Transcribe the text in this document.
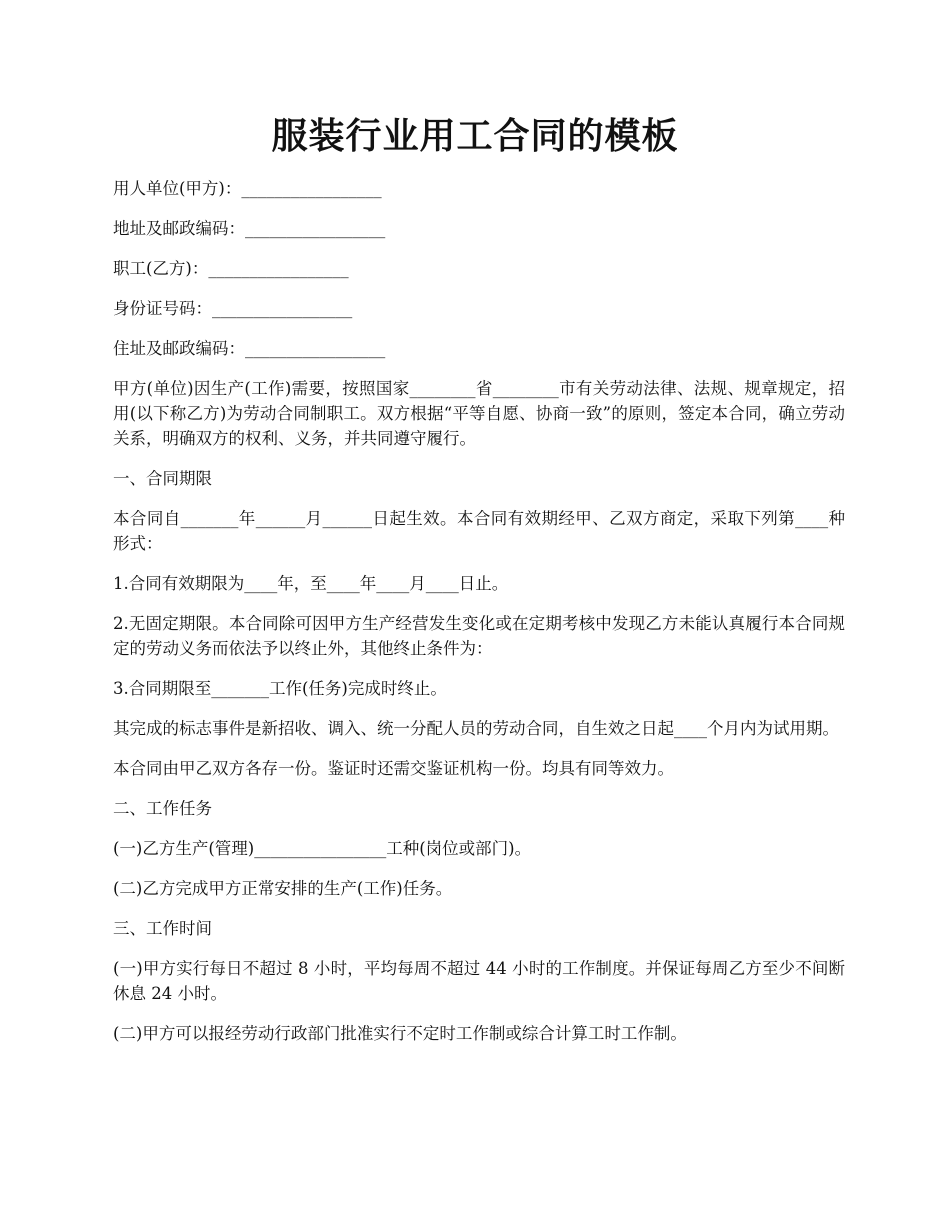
服装行业用工合同的模板

用人单位(甲方)：_________________

地址及邮政编码：_________________

职工(乙方)：_________________

身份证号码：_________________

住址及邮政编码：_________________

甲方(单位)因生产(工作)需要，按照国家________省________市有关劳动法律、法规、规章规定，招用(以下称乙方)为劳动合同制职工。双方根据“平等自愿、协商一致”的原则，签定本合同，确立劳动关系，明确双方的权利、义务，并共同遵守履行。

一、合同期限

本合同自_______年______月______日起生效。本合同有效期经甲、乙双方商定，采取下列第____种形式：

1.合同有效期限为____年，至____年____月____日止。

2.无固定期限。本合同除可因甲方生产经营发生变化或在定期考核中发现乙方未能认真履行本合同规定的劳动义务而依法予以终止外，其他终止条件为：

3.合同期限至_______工作(任务)完成时终止。

其完成的标志事件是新招收、调入、统一分配人员的劳动合同，自生效之日起____个月内为试用期。

本合同由甲乙双方各存一份。鉴证时还需交鉴证机构一份。均具有同等效力。

二、工作任务

(一)乙方生产(管理)________________工种(岗位或部门)。

(二)乙方完成甲方正常安排的生产(工作)任务。

三、工作时间

(一)甲方实行每日不超过 8 小时，平均每周不超过 44 小时的工作制度。并保证每周乙方至少不间断休息 24 小时。

(二)甲方可以报经劳动行政部门批准实行不定时工作制或综合计算工时工作制。
